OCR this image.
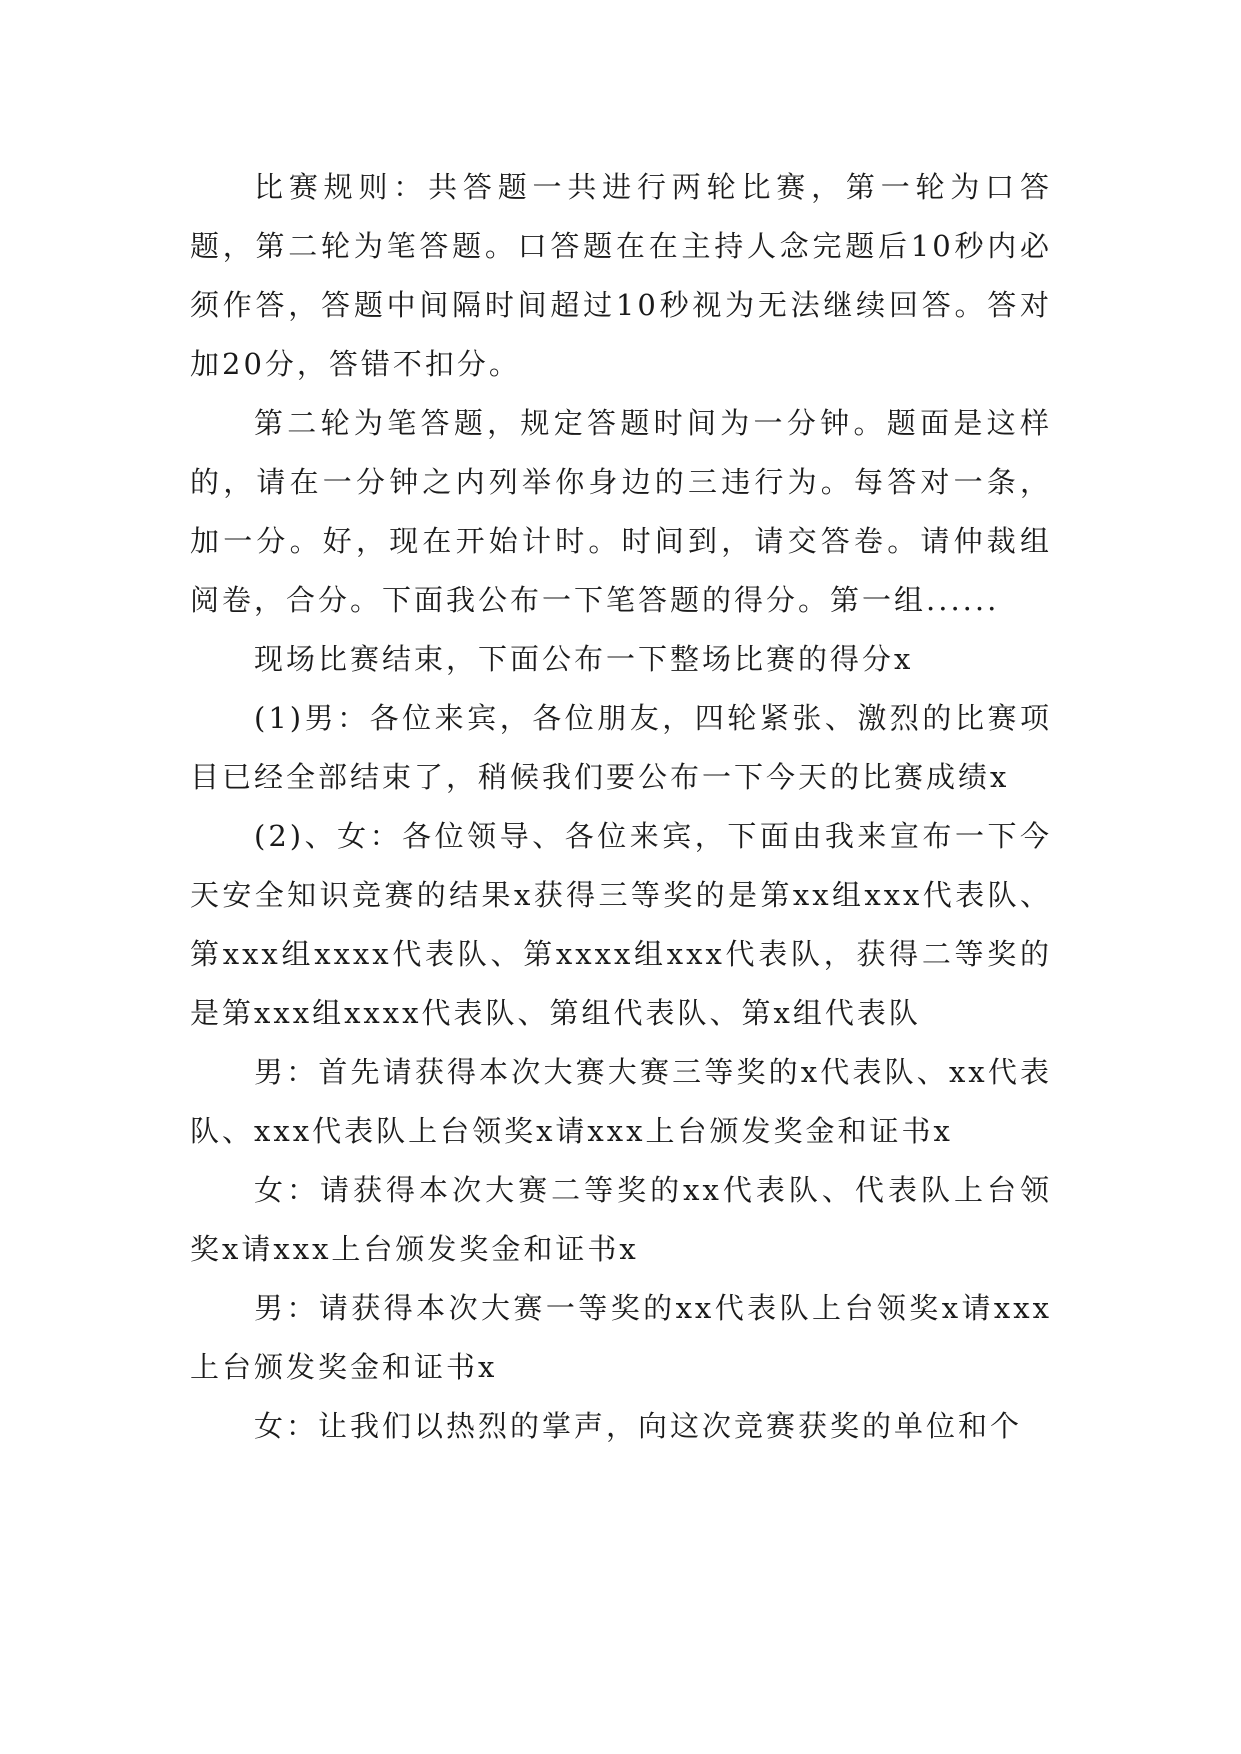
比赛规则：共答题一共进行两轮比赛，第一轮为口答题，第二轮为笔答题。口答题在在主持人念完题后10秒内必须作答，答题中间隔时间超过10秒视为无法继续回答。答对加20分，答错不扣分。

第二轮为笔答题，规定答题时间为一分钟。题面是这样的，请在一分钟之内列举你身边的三违行为。每答对一条，加一分。好，现在开始计时。时间到，请交答卷。请仲裁组阅卷，合分。下面我公布一下笔答题的得分。第一组......

现场比赛结束，下面公布一下整场比赛的得分x

(1)男：各位来宾，各位朋友，四轮紧张、激烈的比赛项目已经全部结束了，稍候我们要公布一下今天的比赛成绩x

(2)、女：各位领导、各位来宾，下面由我来宣布一下今天安全知识竞赛的结果x获得三等奖的是第xx组xxx代表队、第xxx组xxxx代表队、第xxxx组xxx代表队，获得二等奖的是第xxx组xxxx代表队、第组代表队、第x组代表队

男：首先请获得本次大赛大赛三等奖的x代表队、xx代表队、xxx代表队上台领奖x请xxx上台颁发奖金和证书x

女：请获得本次大赛二等奖的xx代表队、代表队上台领奖x请xxx上台颁发奖金和证书x

男：请获得本次大赛一等奖的xx代表队上台领奖x请xxx上台颁发奖金和证书x

女：让我们以热烈的掌声，向这次竞赛获奖的单位和个
